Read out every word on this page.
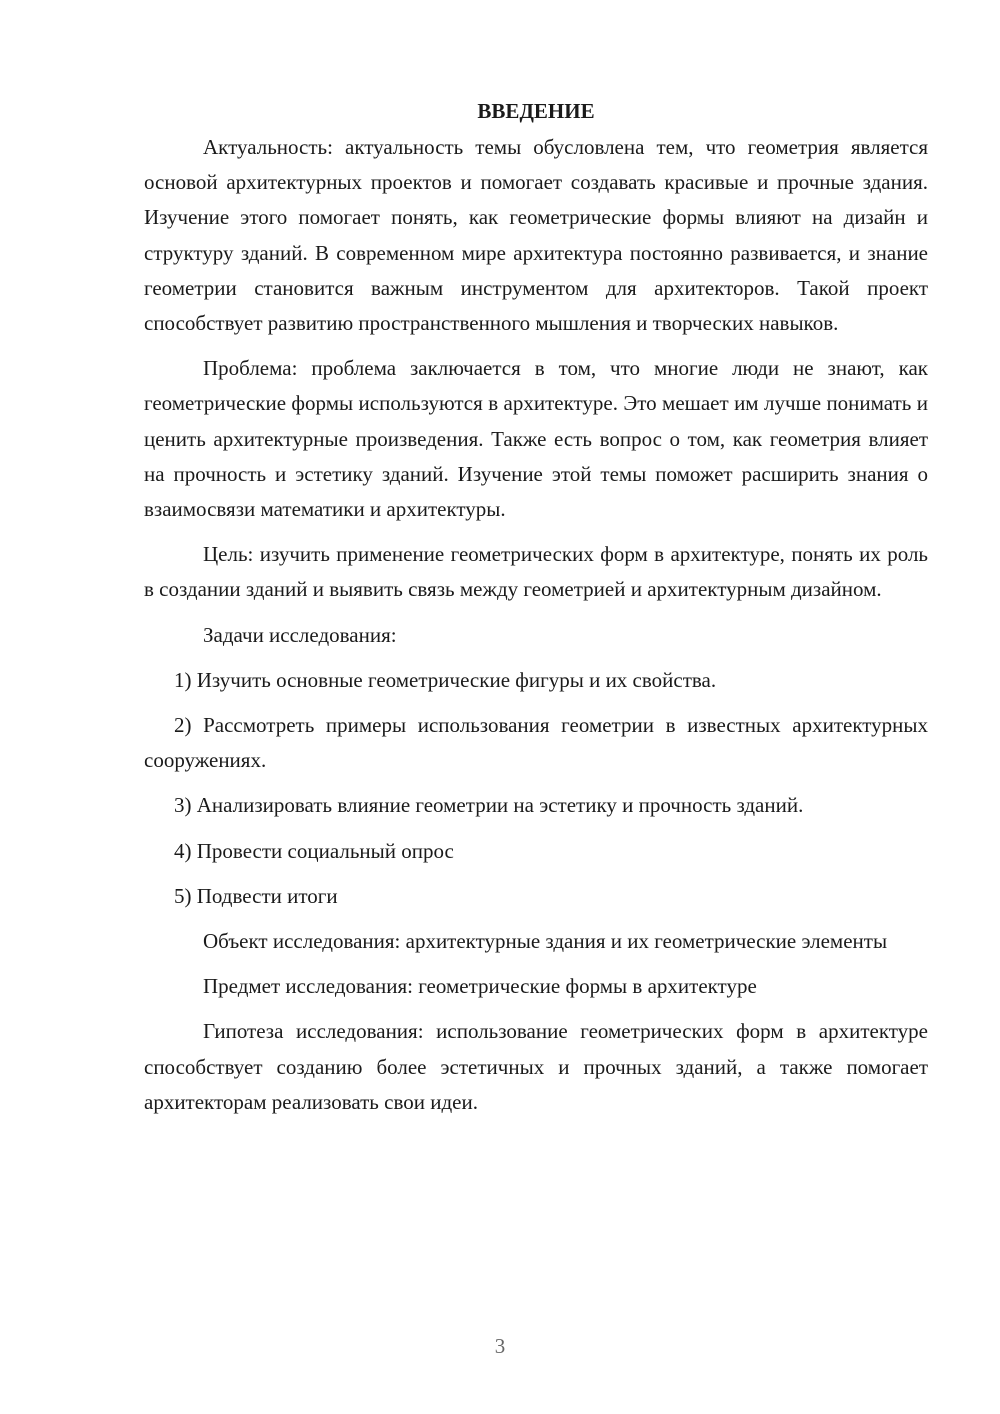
ВВЕДЕНИЕ

Актуальность: актуальность темы обусловлена тем, что геометрия является основой архитектурных проектов и помогает создавать красивые и прочные здания. Изучение этого помогает понять, как геометрические формы влияют на дизайн и структуру зданий. В современном мире архитектура постоянно развивается, и знание геометрии становится важным инструментом для архитекторов. Такой проект способствует развитию пространственного мышления и творческих навыков.

Проблема: проблема заключается в том, что многие люди не знают, как геометрические формы используются в архитектуре. Это мешает им лучше понимать и ценить архитектурные произведения. Также есть вопрос о том, как геометрия влияет на прочность и эстетику зданий. Изучение этой темы поможет расширить знания о взаимосвязи математики и архитектуры.

Цель: изучить применение геометрических форм в архитектуре, понять их роль в создании зданий и выявить связь между геометрией и архитектурным дизайном.

Задачи исследования:

1) Изучить основные геометрические фигуры и их свойства.

2) Рассмотреть примеры использования геометрии в известных архитектурных сооружениях.

3) Анализировать влияние геометрии на эстетику и прочность зданий.

4) Провести социальный опрос

5) Подвести итоги

Объект исследования: архитектурные здания и их геометрические элементы

Предмет исследования: геометрические формы в архитектуре

Гипотеза исследования: использование геометрических форм в архитектуре способствует созданию более эстетичных и прочных зданий, а также помогает архитекторам реализовать свои идеи.

3
